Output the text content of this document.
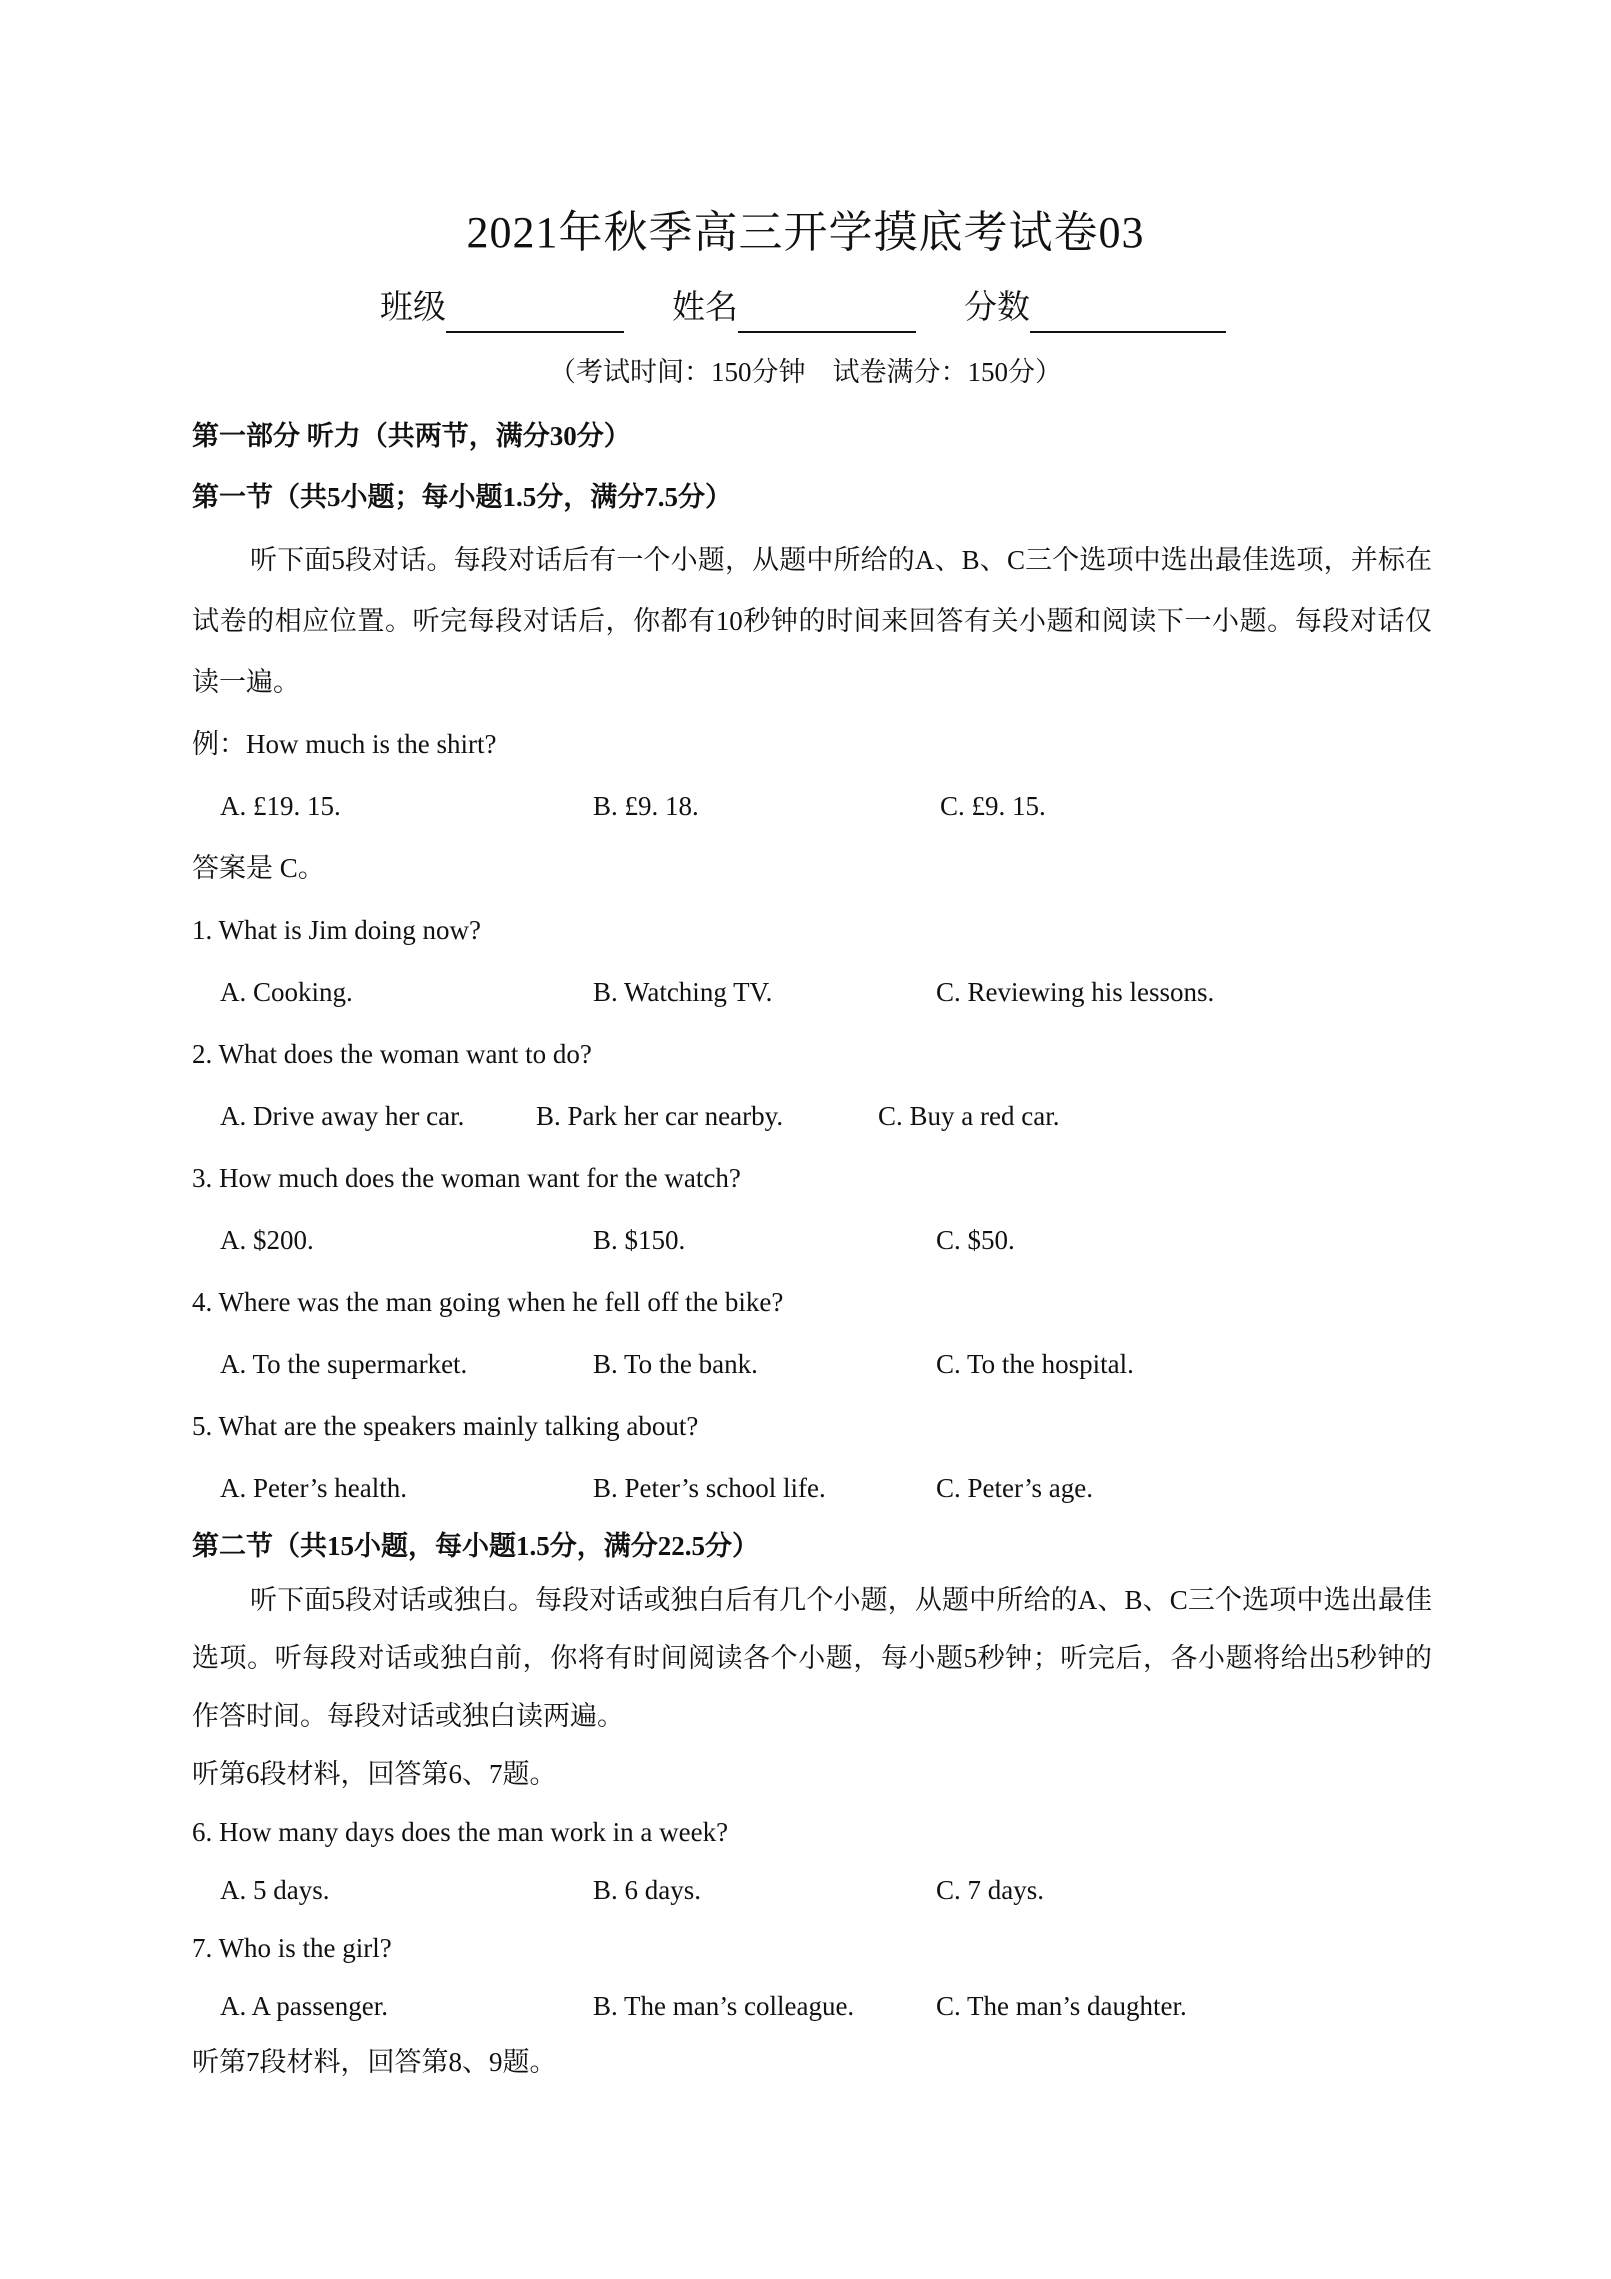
2021年秋季高三开学摸底考试卷03
班级	姓名	分数
（考试时间：150分钟　试卷满分：150分）
第一部分 听力（共两节，满分30分）
第一节（共5小题；每小题1.5分，满分7.5分）
听下面5段对话。每段对话后有一个小题，从题中所给的A、B、C三个选项中选出最佳选项，并标在试卷的相应位置。听完每段对话后，你都有10秒钟的时间来回答有关小题和阅读下一小题。每段对话仅读一遍。
例：How much is the shirt?
A. £19. 15.	B. £9. 18.	C. £9. 15.
答案是 C。
1. What is Jim doing now?
A. Cooking.	B. Watching TV.	C. Reviewing his lessons.
2. What does the woman want to do?
A. Drive away her car.	B. Park her car nearby.	C. Buy a red car.
3. How much does the woman want for the watch?
A. $200.	B. $150.	C. $50.
4. Where was the man going when he fell off the bike?
A. To the supermarket.	B. To the bank.	C. To the hospital.
5. What are the speakers mainly talking about?
A. Peter’s health.	B. Peter’s school life.	C. Peter’s age.
第二节（共15小题，每小题1.5分，满分22.5分）
听下面5段对话或独白。每段对话或独白后有几个小题，从题中所给的A、B、C三个选项中选出最佳选项。听每段对话或独白前，你将有时间阅读各个小题，每小题5秒钟；听完后，各小题将给出5秒钟的作答时间。每段对话或独白读两遍。
听第6段材料，回答第6、7题。
6. How many days does the man work in a week?
A. 5 days.	B. 6 days.	C. 7 days.
7. Who is the girl?
A. A passenger.	B. The man’s colleague.	C. The man’s daughter.
听第7段材料，回答第8、9题。
